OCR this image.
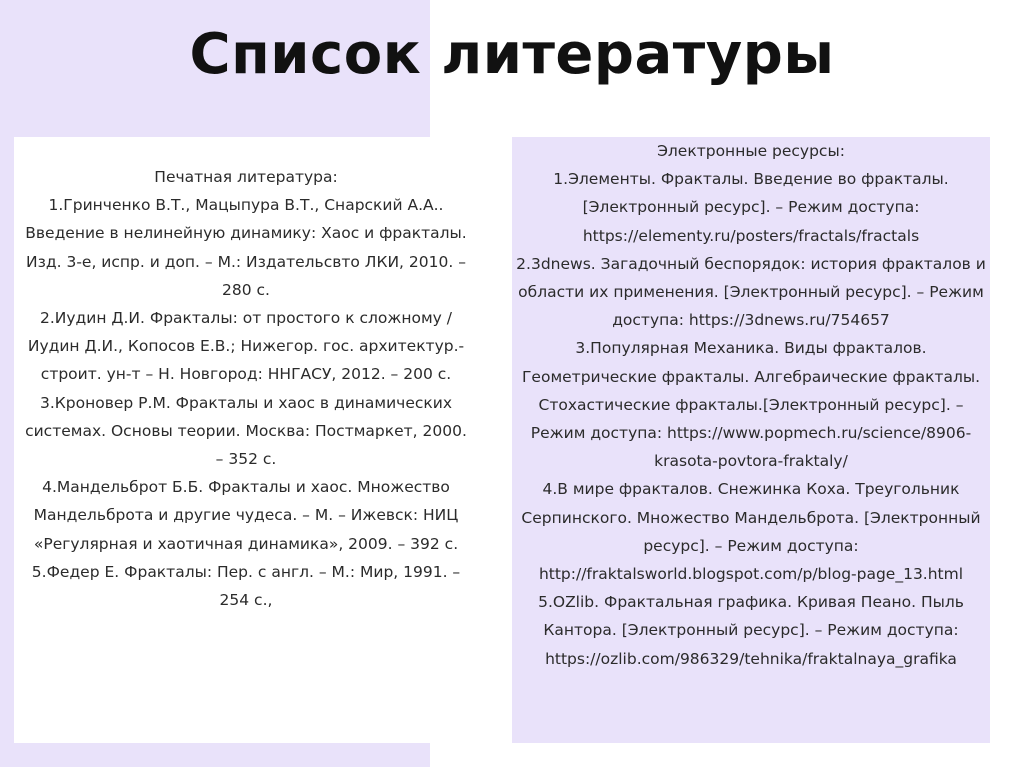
Список литературы

Печатная литература:

1.Гринченко В.Т., Мацыпура В.Т., Снарский А.А.. Введение в нелинейную динамику: Хаос и фракталы. Изд. 3-е, испр. и доп. – М.: Издательсвто ЛКИ, 2010. – 280 с.

2.Иудин Д.И. Фракталы: от простого к сложному / Иудин Д.И., Копосов Е.В.; Нижегор. гос. архитектур.-строит. ун-т – Н. Новгород: ННГАСУ, 2012. – 200 с.

3.Кроновер Р.М. Фракталы и хаос в динамических системах. Основы теории. Москва: Постмаркет, 2000. – 352 с.

4.Мандельброт Б.Б. Фракталы и хаос. Множество Мандельброта и другие чудеса. – М. – Ижевск: НИЦ «Регулярная и хаотичная динамика», 2009. – 392 с.

5.Федер Е. Фракталы: Пер. с англ. – М.: Мир, 1991. – 254 с.,

Электронные ресурсы:

1.Элементы. Фракталы. Введение во фракталы. [Электронный ресурс]. – Режим доступа: https://elementy.ru/posters/fractals/fractals

2.3dnews. Загадочный беспорядок: история фракталов и области их применения. [Электронный ресурс]. – Режим доступа: https://3dnews.ru/754657

3.Популярная Механика. Виды фракталов. Геометрические фракталы. Алгебраические фракталы. Стохастические фракталы.[Электронный ресурс]. – Режим доступа: https://www.popmech.ru/science/8906-krasota-povtora-fraktaly/

4.В мире фракталов. Снежинка Коха. Треугольник Серпинского. Множество Мандельброта. [Электронный ресурс]. – Режим доступа: http://fraktalsworld.blogspot.com/p/blog-page_13.html

5.OZlib. Фрактальная графика. Кривая Пеано. Пыль Кантора. [Электронный ресурс]. – Режим доступа: https://ozlib.com/986329/tehnika/fraktalnaya_grafika
